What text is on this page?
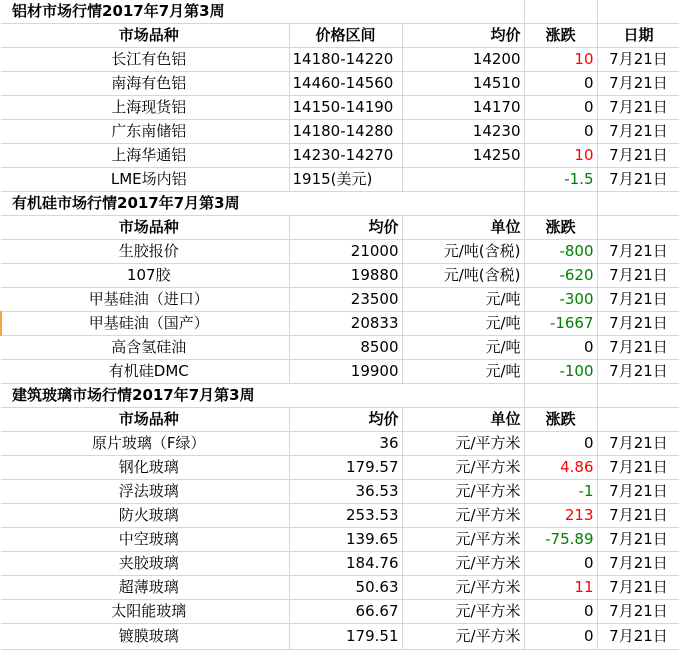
	铝材市场行情2017年7月第3周				
	市场品种	价格区间	均价	涨跌	日期
	长江有色铝	14180-14220	14200	10	7月21日
	南海有色铝	14460-14560	14510	0	7月21日
	上海现货铝	14150-14190	14170	0	7月21日
	广东南储铝	14180-14280	14230	0	7月21日
	上海华通铝	14230-14270	14250	10	7月21日
	LME场内铝	1915(美元)		-1.5	7月21日
	有机硅市场行情2017年7月第3周				
	市场品种	均价	单位	涨跌	
	生胶报价	21000	元/吨(含税)	-800	7月21日
	107胶	19880	元/吨(含税)	-620	7月21日
	甲基硅油（进口）	23500	元/吨	-300	7月21日
	甲基硅油（国产）	20833	元/吨	-1667	7月21日
	高含氢硅油	8500	元/吨	0	7月21日
	有机硅DMC	19900	元/吨	-100	7月21日
	建筑玻璃市场行情2017年7月第3周				
	市场品种	均价	单位	涨跌	
	原片玻璃（F绿）	36	元/平方米	0	7月21日
	钢化玻璃	179.57	元/平方米	4.86	7月21日
	浮法玻璃	36.53	元/平方米	-1	7月21日
	防火玻璃	253.53	元/平方米	213	7月21日
	中空玻璃	139.65	元/平方米	-75.89	7月21日
	夹胶玻璃	184.76	元/平方米	0	7月21日
	超薄玻璃	50.63	元/平方米	11	7月21日
	太阳能玻璃	66.67	元/平方米	0	7月21日
	镀膜玻璃	179.51	元/平方米	0	7月21日
